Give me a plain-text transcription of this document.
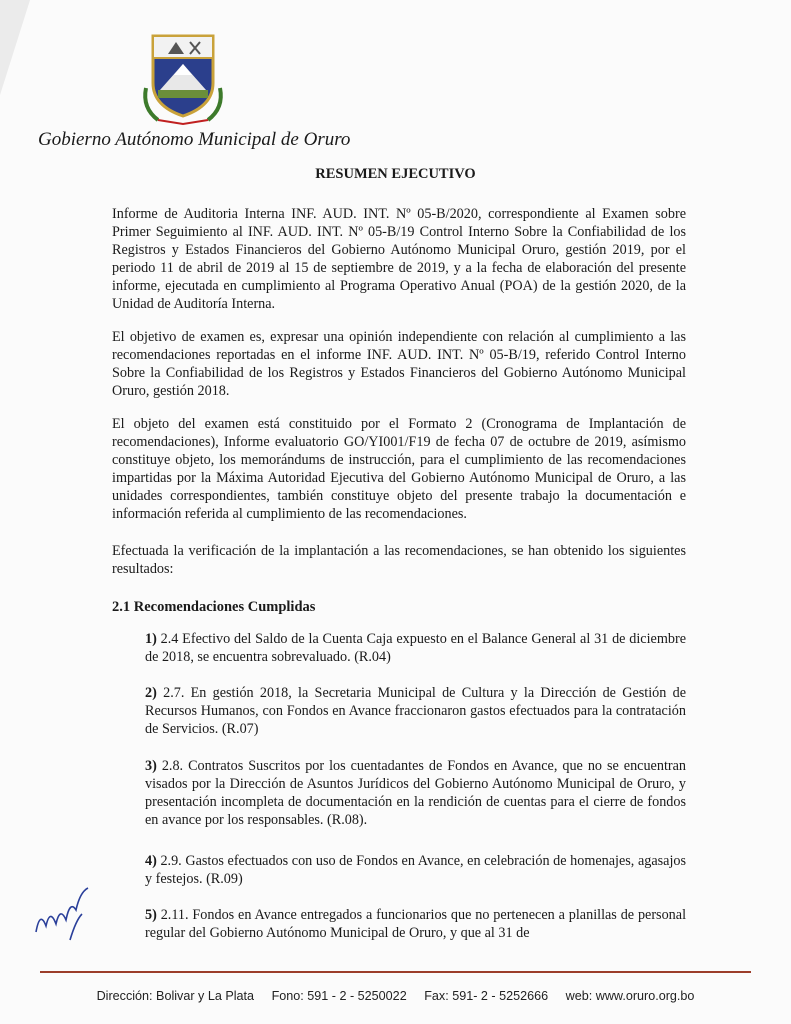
Gobierno Autónomo Municipal de Oruro
RESUMEN EJECUTIVO
Informe de Auditoria Interna INF. AUD. INT. Nº 05-B/2020, correspondiente al Examen sobre Primer Seguimiento al INF. AUD. INT. Nº 05-B/19 Control Interno Sobre la Confiabilidad de los Registros y Estados Financieros del Gobierno Autónomo Municipal Oruro, gestión 2019, por el periodo 11 de abril de 2019 al 15 de septiembre de 2019, y a la fecha de elaboración del presente informe, ejecutada en cumplimiento al Programa Operativo Anual (POA) de la gestión 2020, de la Unidad de Auditoría Interna.
El objetivo de examen es, expresar una opinión independiente con relación al cumplimiento a las recomendaciones reportadas en el informe INF. AUD. INT. Nº 05-B/19, referido Control Interno Sobre la Confiabilidad de los Registros y Estados Financieros del Gobierno Autónomo Municipal Oruro, gestión 2018.
El objeto del examen está constituido por el Formato 2 (Cronograma de Implantación de recomendaciones), Informe evaluatorio GO/YI001/F19 de fecha 07 de octubre de 2019, asímismo constituye objeto, los memorándums de instrucción, para el cumplimiento de las recomendaciones impartidas por la Máxima Autoridad Ejecutiva del Gobierno Autónomo Municipal de Oruro, a las unidades correspondientes, también constituye objeto del presente trabajo la documentación e información referida al cumplimiento de las recomendaciones.
Efectuada la verificación de la implantación a las recomendaciones, se han obtenido los siguientes resultados:
2.1 Recomendaciones Cumplidas
1) 2.4 Efectivo del Saldo de la Cuenta Caja expuesto en el Balance General al 31 de diciembre de 2018, se encuentra sobrevaluado. (R.04)
2) 2.7. En gestión 2018, la Secretaria Municipal de Cultura y la Dirección de Gestión de Recursos Humanos, con Fondos en Avance fraccionaron gastos efectuados para la contratación de Servicios. (R.07)
3) 2.8. Contratos Suscritos por los cuentadantes de Fondos en Avance, que no se encuentran visados por la Dirección de Asuntos Jurídicos del Gobierno Autónomo Municipal de Oruro, y presentación incompleta de documentación en la rendición de cuentas para el cierre de fondos en avance por los responsables. (R.08).
4) 2.9. Gastos efectuados con uso de Fondos en Avance, en celebración de homenajes, agasajos y festejos. (R.09)
5) 2.11. Fondos en Avance entregados a funcionarios que no pertenecen a planillas de personal regular del Gobierno Autónomo Municipal de Oruro, y que al 31 de
Dirección: Bolivar y La Plata Fono: 591 - 2 - 5250022 Fax: 591- 2 - 5252666 web: www.oruro.org.bo
